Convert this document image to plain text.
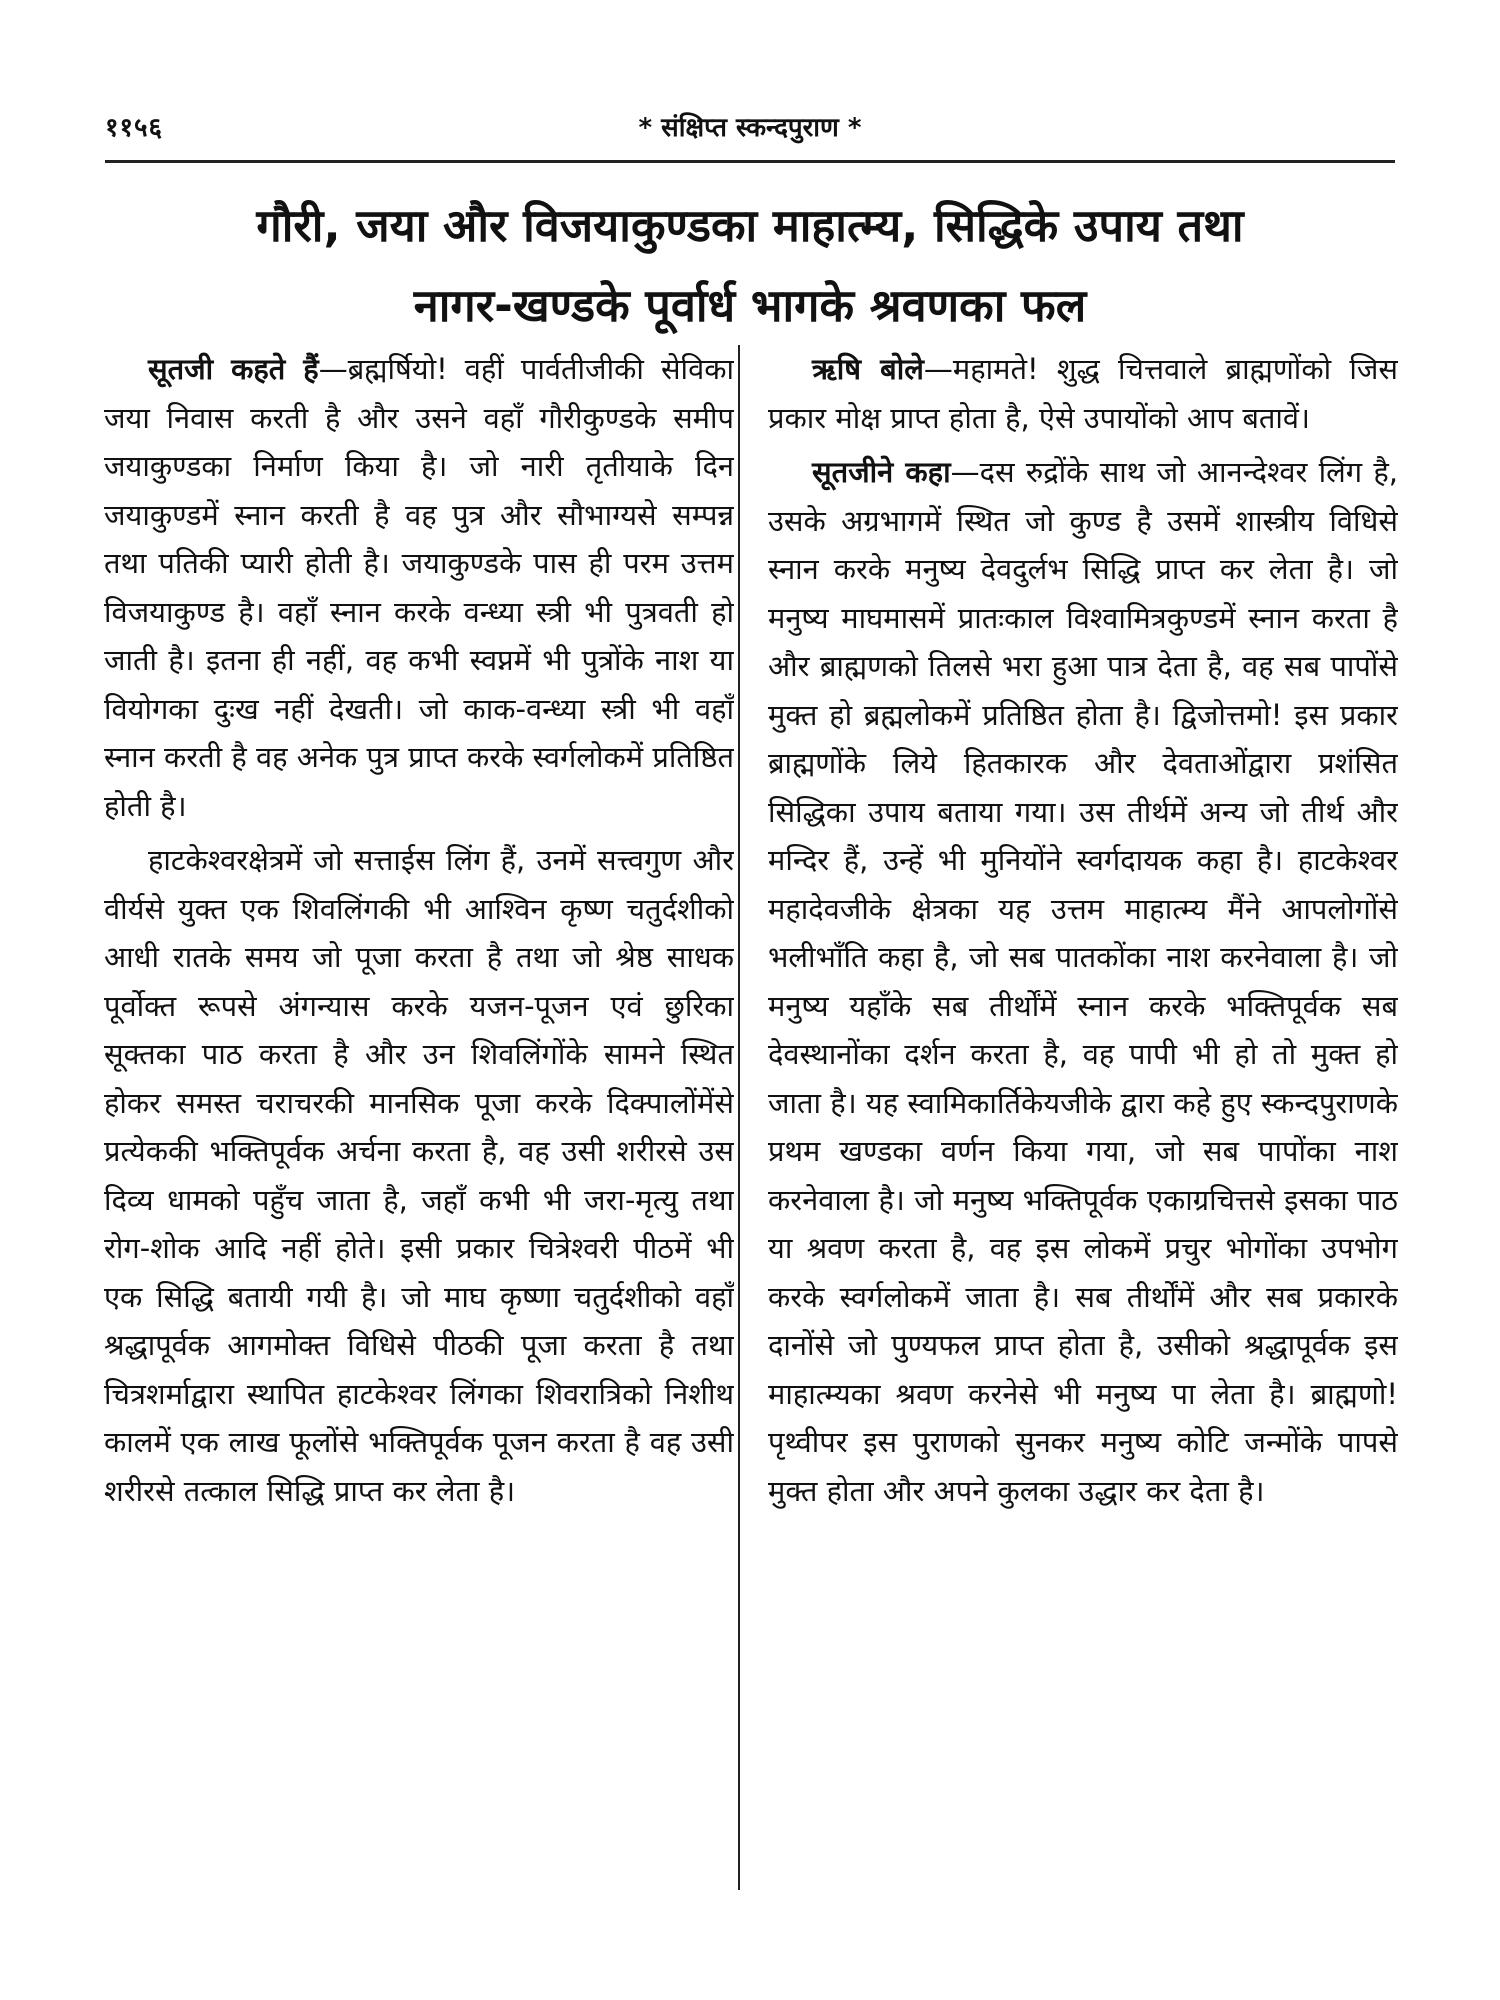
११५६	* संक्षिप्त स्कन्दपुराण *
गौरी, जया और विजयाकुण्डका माहात्म्य, सिद्धिके उपाय तथा
नागर-खण्डके पूर्वार्ध भागके श्रवणका फल

सूतजी कहते हैं—ब्रह्मर्षियो! वहीं पार्वतीजीकी सेविका जया निवास करती है और उसने वहाँ गौरीकुण्डके समीप जयाकुण्डका निर्माण किया है। जो नारी तृतीयाके दिन जयाकुण्डमें स्नान करती है वह पुत्र और सौभाग्यसे सम्पन्न तथा पतिकी प्यारी होती है। जयाकुण्डके पास ही परम उत्तम विजयाकुण्ड है। वहाँ स्नान करके वन्ध्या स्त्री भी पुत्रवती हो जाती है। इतना ही नहीं, वह कभी स्वप्नमें भी पुत्रोंके नाश या वियोगका दुःख नहीं देखती। जो काक-वन्ध्या स्त्री भी वहाँ स्नान करती है वह अनेक पुत्र प्राप्त करके स्वर्गलोकमें प्रतिष्ठित होती है।

हाटकेश्वरक्षेत्रमें जो सत्ताईस लिंग हैं, उनमें सत्त्वगुण और वीर्यसे युक्त एक शिवलिंगकी भी आश्विन कृष्ण चतुर्दशीको आधी रातके समय जो पूजा करता है तथा जो श्रेष्ठ साधक पूर्वोक्त रूपसे अंगन्यास करके यजन-पूजन एवं छुरिका सूक्तका पाठ करता है और उन शिवलिंगोंके सामने स्थित होकर समस्त चराचरकी मानसिक पूजा करके दिक्पालोंमेंसे प्रत्येककी भक्तिपूर्वक अर्चना करता है, वह उसी शरीरसे उस दिव्य धामको पहुँच जाता है, जहाँ कभी भी जरा-मृत्यु तथा रोग-शोक आदि नहीं होते। इसी प्रकार चित्रेश्वरी पीठमें भी एक सिद्धि बतायी गयी है। जो माघ कृष्णा चतुर्दशीको वहाँ श्रद्धापूर्वक आगमोक्त विधिसे पीठकी पूजा करता है तथा चित्रशर्माद्वारा स्थापित हाटकेश्वर लिंगका शिवरात्रिको निशीथ कालमें एक लाख फूलोंसे भक्तिपूर्वक पूजन करता है वह उसी शरीरसे तत्काल सिद्धि प्राप्त कर लेता है।

ऋषि बोले—महामते! शुद्ध चित्तवाले ब्राह्मणोंको जिस प्रकार मोक्ष प्राप्त होता है, ऐसे उपायोंको आप बतावें।

सूतजीने कहा—दस रुद्रोंके साथ जो आनन्देश्वर लिंग है, उसके अग्रभागमें स्थित जो कुण्ड है उसमें शास्त्रीय विधिसे स्नान करके मनुष्य देवदुर्लभ सिद्धि प्राप्त कर लेता है। जो मनुष्य माघमासमें प्रातःकाल विश्वामित्रकुण्डमें स्नान करता है और ब्राह्मणको तिलसे भरा हुआ पात्र देता है, वह सब पापोंसे मुक्त हो ब्रह्मलोकमें प्रतिष्ठित होता है। द्विजोत्तमो! इस प्रकार ब्राह्मणोंके लिये हितकारक और देवताओंद्वारा प्रशंसित सिद्धिका उपाय बताया गया। उस तीर्थमें अन्य जो तीर्थ और मन्दिर हैं, उन्हें भी मुनियोंने स्वर्गदायक कहा है। हाटकेश्वर महादेवजीके क्षेत्रका यह उत्तम माहात्म्य मैंने आपलोगोंसे भलीभाँति कहा है, जो सब पातकोंका नाश करनेवाला है। जो मनुष्य यहाँके सब तीर्थोंमें स्नान करके भक्तिपूर्वक सब देवस्थानोंका दर्शन करता है, वह पापी भी हो तो मुक्त हो जाता है। यह स्वामिकार्तिकेयजीके द्वारा कहे हुए स्कन्दपुराणके प्रथम खण्डका वर्णन किया गया, जो सब पापोंका नाश करनेवाला है। जो मनुष्य भक्तिपूर्वक एकाग्रचित्तसे इसका पाठ या श्रवण करता है, वह इस लोकमें प्रचुर भोगोंका उपभोग करके स्वर्गलोकमें जाता है। सब तीर्थोंमें और सब प्रकारके दानोंसे जो पुण्यफल प्राप्त होता है, उसीको श्रद्धापूर्वक इस माहात्म्यका श्रवण करनेसे भी मनुष्य पा लेता है। ब्राह्मणो! पृथ्वीपर इस पुराणको सुनकर मनुष्य कोटि जन्मोंके पापसे मुक्त होता और अपने कुलका उद्धार कर देता है।
